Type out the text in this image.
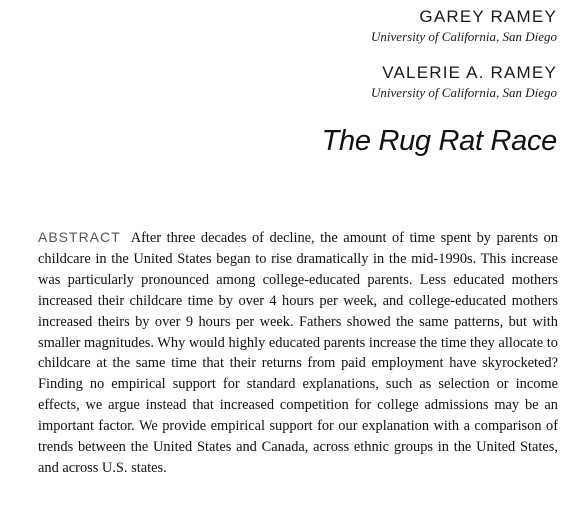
GAREY RAMEY
University of California, San Diego
VALERIE A. RAMEY
University of California, San Diego
The Rug Rat Race

ABSTRACT After three decades of decline, the amount of time spent by parents on childcare in the United States began to rise dramatically in the mid-1990s. This increase was particularly pronounced among college-educated parents. Less educated mothers increased their childcare time by over 4 hours per week, and college-educated mothers increased theirs by over 9 hours per week. Fathers showed the same patterns, but with smaller magnitudes. Why would highly educated parents increase the time they allocate to childcare at the same time that their returns from paid employment have skyrocketed? Finding no empirical support for standard explanations, such as selection or income effects, we argue instead that increased competition for college admissions may be an important factor. We provide empirical support for our explanation with a comparison of trends between the United States and Canada, across ethnic groups in the United States, and across U.S. states.
